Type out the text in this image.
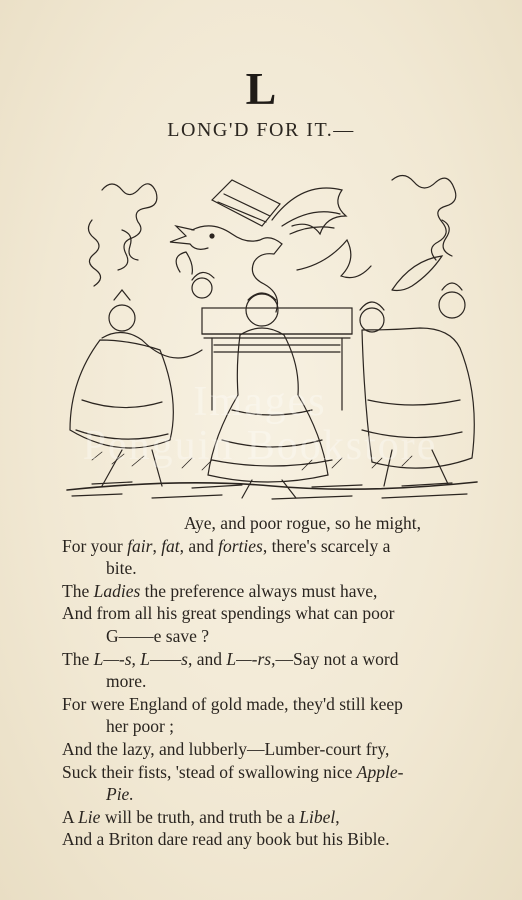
L
LONG'D FOR IT.—
Aye, and poor rogue, so he might,
For your fair, fat, and forties, there's scarcely a
bite.
The Ladies the preference always must have,
And from all his great spendings what can poor
G——e save ?
The L—-s, L——s, and L—-rs,—Say not a word
more.
For were England of gold made, they'd still keep
her poor ;
And the lazy, and lubberly—Lumber-court fry,
Suck their fists, 'stead of swallowing nice Apple-
Pie.
A Lie will be truth, and truth be a Libel,
And a Briton dare read any book but his Bible.
Images
Penguin Bookstore
